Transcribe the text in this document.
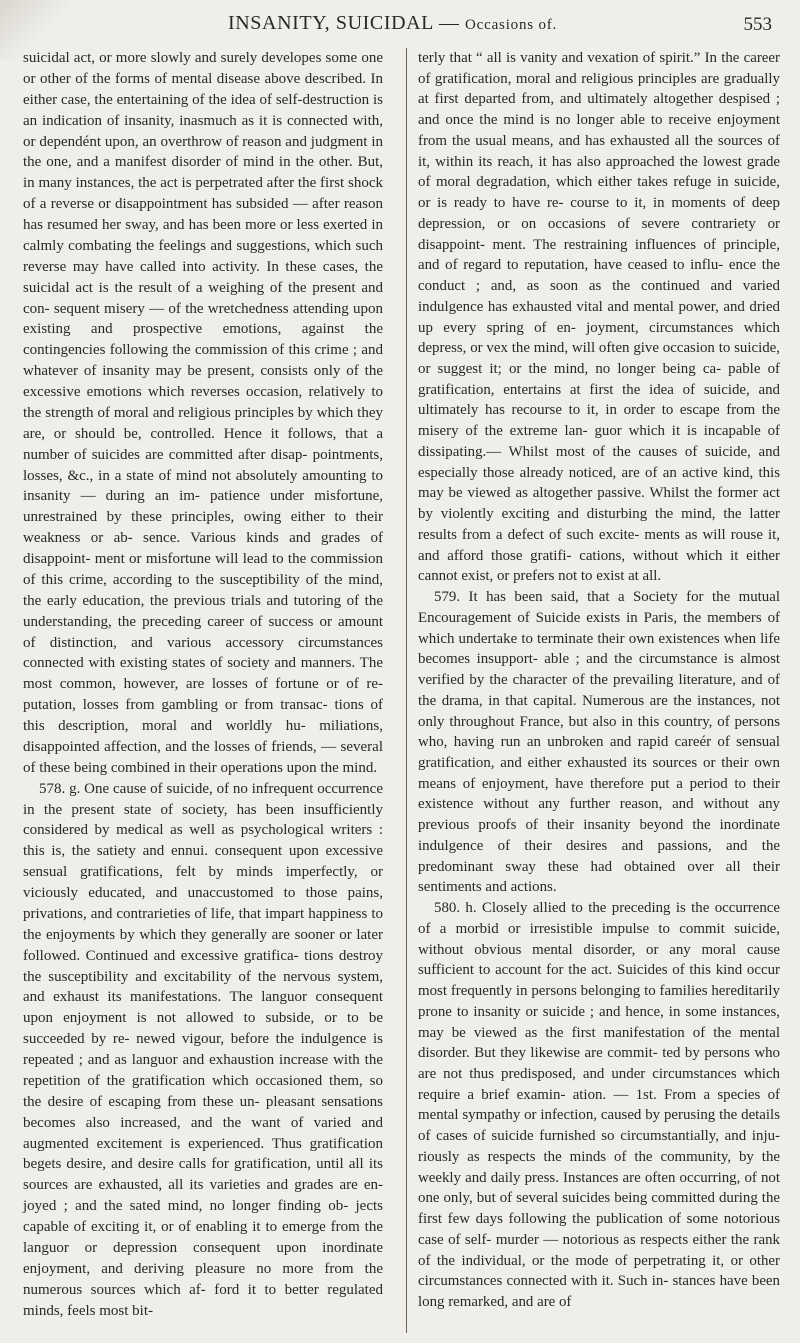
INSANITY, SUICIDAL — Occasions of.	553

suicidal act, or more slowly and surely developes some one or other of the forms of mental disease above described. In either case, the entertaining of the idea of self-destruction is an indication of insanity, inasmuch as it is connected with, or dependént upon, an overthrow of reason and judgment in the one, and a manifest disorder of mind in the other. But, in many instances, the act is perpetrated after the first shock of a reverse or disappointment has subsided — after reason has resumed her sway, and has been more or less exerted in calmly combating the feelings and suggestions, which such reverse may have called into activity. In these cases, the suicidal act is the result of a weighing of the present and con- sequent misery — of the wretchedness attending upon existing and prospective emotions, against the contingencies following the commission of this crime ; and whatever of insanity may be present, consists only of the excessive emotions which reverses occasion, relatively to the strength of moral and religious principles by which they are, or should be, controlled. Hence it follows, that a number of suicides are committed after disap- pointments, losses, &c., in a state of mind not absolutely amounting to insanity — during an im- patience under misfortune, unrestrained by these principles, owing either to their weakness or ab- sence. Various kinds and grades of disappoint- ment or misfortune will lead to the commission of this crime, according to the susceptibility of the mind, the early education, the previous trials and tutoring of the understanding, the preceding career of success or amount of distinction, and various accessory circumstances connected with existing states of society and manners. The most common, however, are losses of fortune or of re- putation, losses from gambling or from transac- tions of this description, moral and worldly hu- miliations, disappointed affection, and the losses of friends, — several of these being combined in their operations upon the mind.

578. g. One cause of suicide, of no infrequent occurrence in the present state of society, has been insufficiently considered by medical as well as psychological writers : this is, the satiety and ennui. consequent upon excessive sensual gratifications, felt by minds imperfectly, or viciously educated, and unaccustomed to those pains, privations, and contrarieties of life, that impart happiness to the enjoyments by which they generally are sooner or later followed. Continued and excessive gratifica- tions destroy the susceptibility and excitability of the nervous system, and exhaust its manifestations. The languor consequent upon enjoyment is not allowed to subside, or to be succeeded by re- newed vigour, before the indulgence is repeated ; and as languor and exhaustion increase with the repetition of the gratification which occasioned them, so the desire of escaping from these un- pleasant sensations becomes also increased, and the want of varied and augmented excitement is experienced. Thus gratification begets desire, and desire calls for gratification, until all its sources are exhausted, all its varieties and grades are en- joyed ; and the sated mind, no longer finding ob- jects capable of exciting it, or of enabling it to emerge from the languor or depression consequent upon inordinate enjoyment, and deriving pleasure no more from the numerous sources which af- ford it to better regulated minds, feels most bit-

terly that “ all is vanity and vexation of spirit.” In the career of gratification, moral and religious principles are gradually at first departed from, and ultimately altogether despised ; and once the mind is no longer able to receive enjoyment from the usual means, and has exhausted all the sources of it, within its reach, it has also approached the lowest grade of moral degradation, which either takes refuge in suicide, or is ready to have re- course to it, in moments of deep depression, or on occasions of severe contrariety or disappoint- ment. The restraining influences of principle, and of regard to reputation, have ceased to influ- ence the conduct ; and, as soon as the continued and varied indulgence has exhausted vital and mental power, and dried up every spring of en- joyment, circumstances which depress, or vex the mind, will often give occasion to suicide, or suggest it; or the mind, no longer being ca- pable of gratification, entertains at first the idea of suicide, and ultimately has recourse to it, in order to escape from the misery of the extreme lan- guor which it is incapable of dissipating.— Whilst most of the causes of suicide, and especially those already noticed, are of an active kind, this may be viewed as altogether passive. Whilst the former act by violently exciting and disturbing the mind, the latter results from a defect of such excite- ments as will rouse it, and afford those gratifi- cations, without which it either cannot exist, or prefers not to exist at all.

579. It has been said, that a Society for the mutual Encouragement of Suicide exists in Paris, the members of which undertake to terminate their own existences when life becomes insupport- able ; and the circumstance is almost verified by the character of the prevailing literature, and of the drama, in that capital. Numerous are the instances, not only throughout France, but also in this country, of persons who, having run an unbroken and rapid careér of sensual gratification, and either exhausted its sources or their own means of enjoyment, have therefore put a period to their existence without any further reason, and without any previous proofs of their insanity beyond the inordinate indulgence of their desires and passions, and the predominant sway these had obtained over all their sentiments and actions.

580. h. Closely allied to the preceding is the occurrence of a morbid or irresistible impulse to commit suicide, without obvious mental disorder, or any moral cause sufficient to account for the act. Suicides of this kind occur most frequently in persons belonging to families hereditarily prone to insanity or suicide ; and hence, in some instances, may be viewed as the first manifestation of the mental disorder. But they likewise are commit- ted by persons who are not thus predisposed, and under circumstances which require a brief examin- ation. — 1st. From a species of mental sympathy or infection, caused by perusing the details of cases of suicide furnished so circumstantially, and inju- riously as respects the minds of the community, by the weekly and daily press. Instances are often occurring, of not one only, but of several suicides being committed during the first few days following the publication of some notorious case of self- murder — notorious as respects either the rank of the individual, or the mode of perpetrating it, or other circumstances connected with it. Such in- stances have been long remarked, and are of
